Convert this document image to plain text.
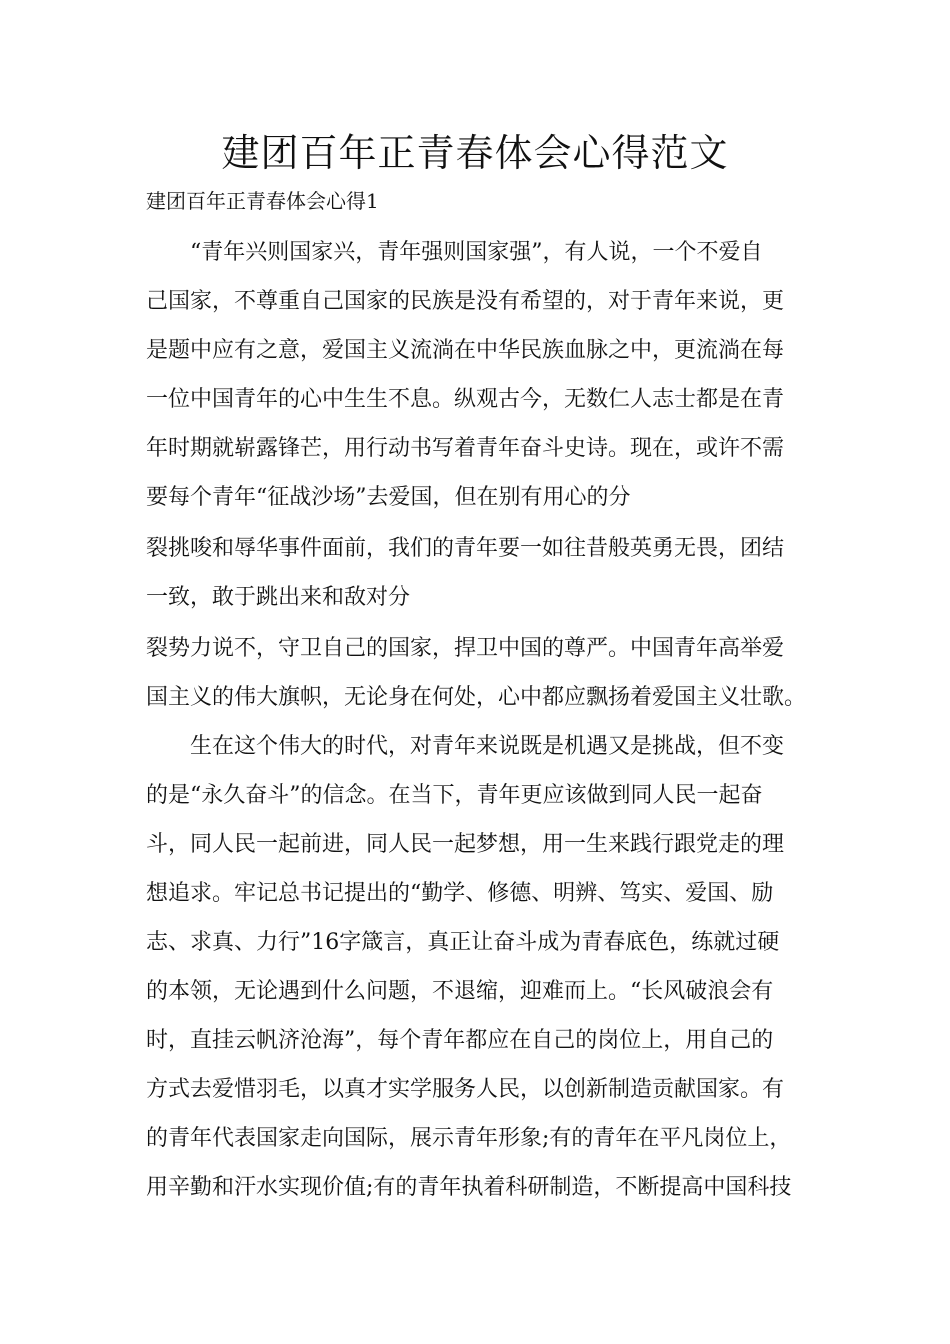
建团百年正青春体会心得范文

建团百年正青春体会心得1

“青年兴则国家兴，青年强则国家强”，有人说，一个不爱自

己国家，不尊重自己国家的民族是没有希望的，对于青年来说，更

是题中应有之意，爱国主义流淌在中华民族血脉之中，更流淌在每

一位中国青年的心中生生不息。纵观古今，无数仁人志士都是在青

年时期就崭露锋芒，用行动书写着青年奋斗史诗。现在，或许不需

要每个青年“征战沙场”去爱国，但在别有用心的分

裂挑唆和辱华事件面前，我们的青年要一如往昔般英勇无畏，团结

一致，敢于跳出来和敌对分

裂势力说不，守卫自己的国家，捍卫中国的尊严。中国青年高举爱

国主义的伟大旗帜，无论身在何处，心中都应飘扬着爱国主义壮歌。

生在这个伟大的时代，对青年来说既是机遇又是挑战，但不变

的是“永久奋斗”的信念。在当下，青年更应该做到同人民一起奋

斗，同人民一起前进，同人民一起梦想，用一生来践行跟党走的理

想追求。牢记总书记提出的“勤学、修德、明辨、笃实、爱国、励

志、求真、力行”16字箴言，真正让奋斗成为青春底色，练就过硬

的本领，无论遇到什么问题，不退缩，迎难而上。“长风破浪会有

时，直挂云帆济沧海”，每个青年都应在自己的岗位上，用自己的

方式去爱惜羽毛，以真才实学服务人民，以创新制造贡献国家。有

的青年代表国家走向国际，展示青年形象;有的青年在平凡岗位上，

用辛勤和汗水实现价值;有的青年执着科研制造，不断提高中国科技
